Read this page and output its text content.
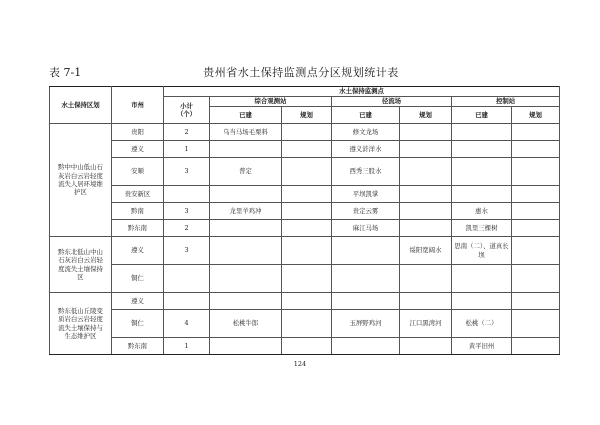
表 7-1	贵州省水土保持监测点分区规划统计表
水土保持区划	市州	水土保持监测点						
		小计
（个）	综合观测站		径流场		控制站	
			已建	规划	已建	规划	已建	规划
黔中中山低山石灰岩白云岩轻度流失人居环境维护区	贵阳	2	乌当马场毛栗料		修文龙场			
	遵义	1			遵义浒洋水			
	安顺	3	普定		西秀三股水			
	贵安新区				平坝凯掌			
	黔南	3	龙里羊鸡冲		贵定云雾		惠水	
	黔东南	2			麻江马场		凯里三棵树	
黔东北低山中山石灰岩白云岩轻度流失土壤保持区	遵义	3				绥阳宽阔水	思南（二）、道真长坝	
	铜仁							
黔东低山丘陵变质岩白云岩轻度流失土壤保持与生态维护区	遵义							
	铜仁	4	松桃牛郎		玉屏野鸡河	江口黑湾河	松桃（二）	
	黔东南	1					黄平旧州	
124
